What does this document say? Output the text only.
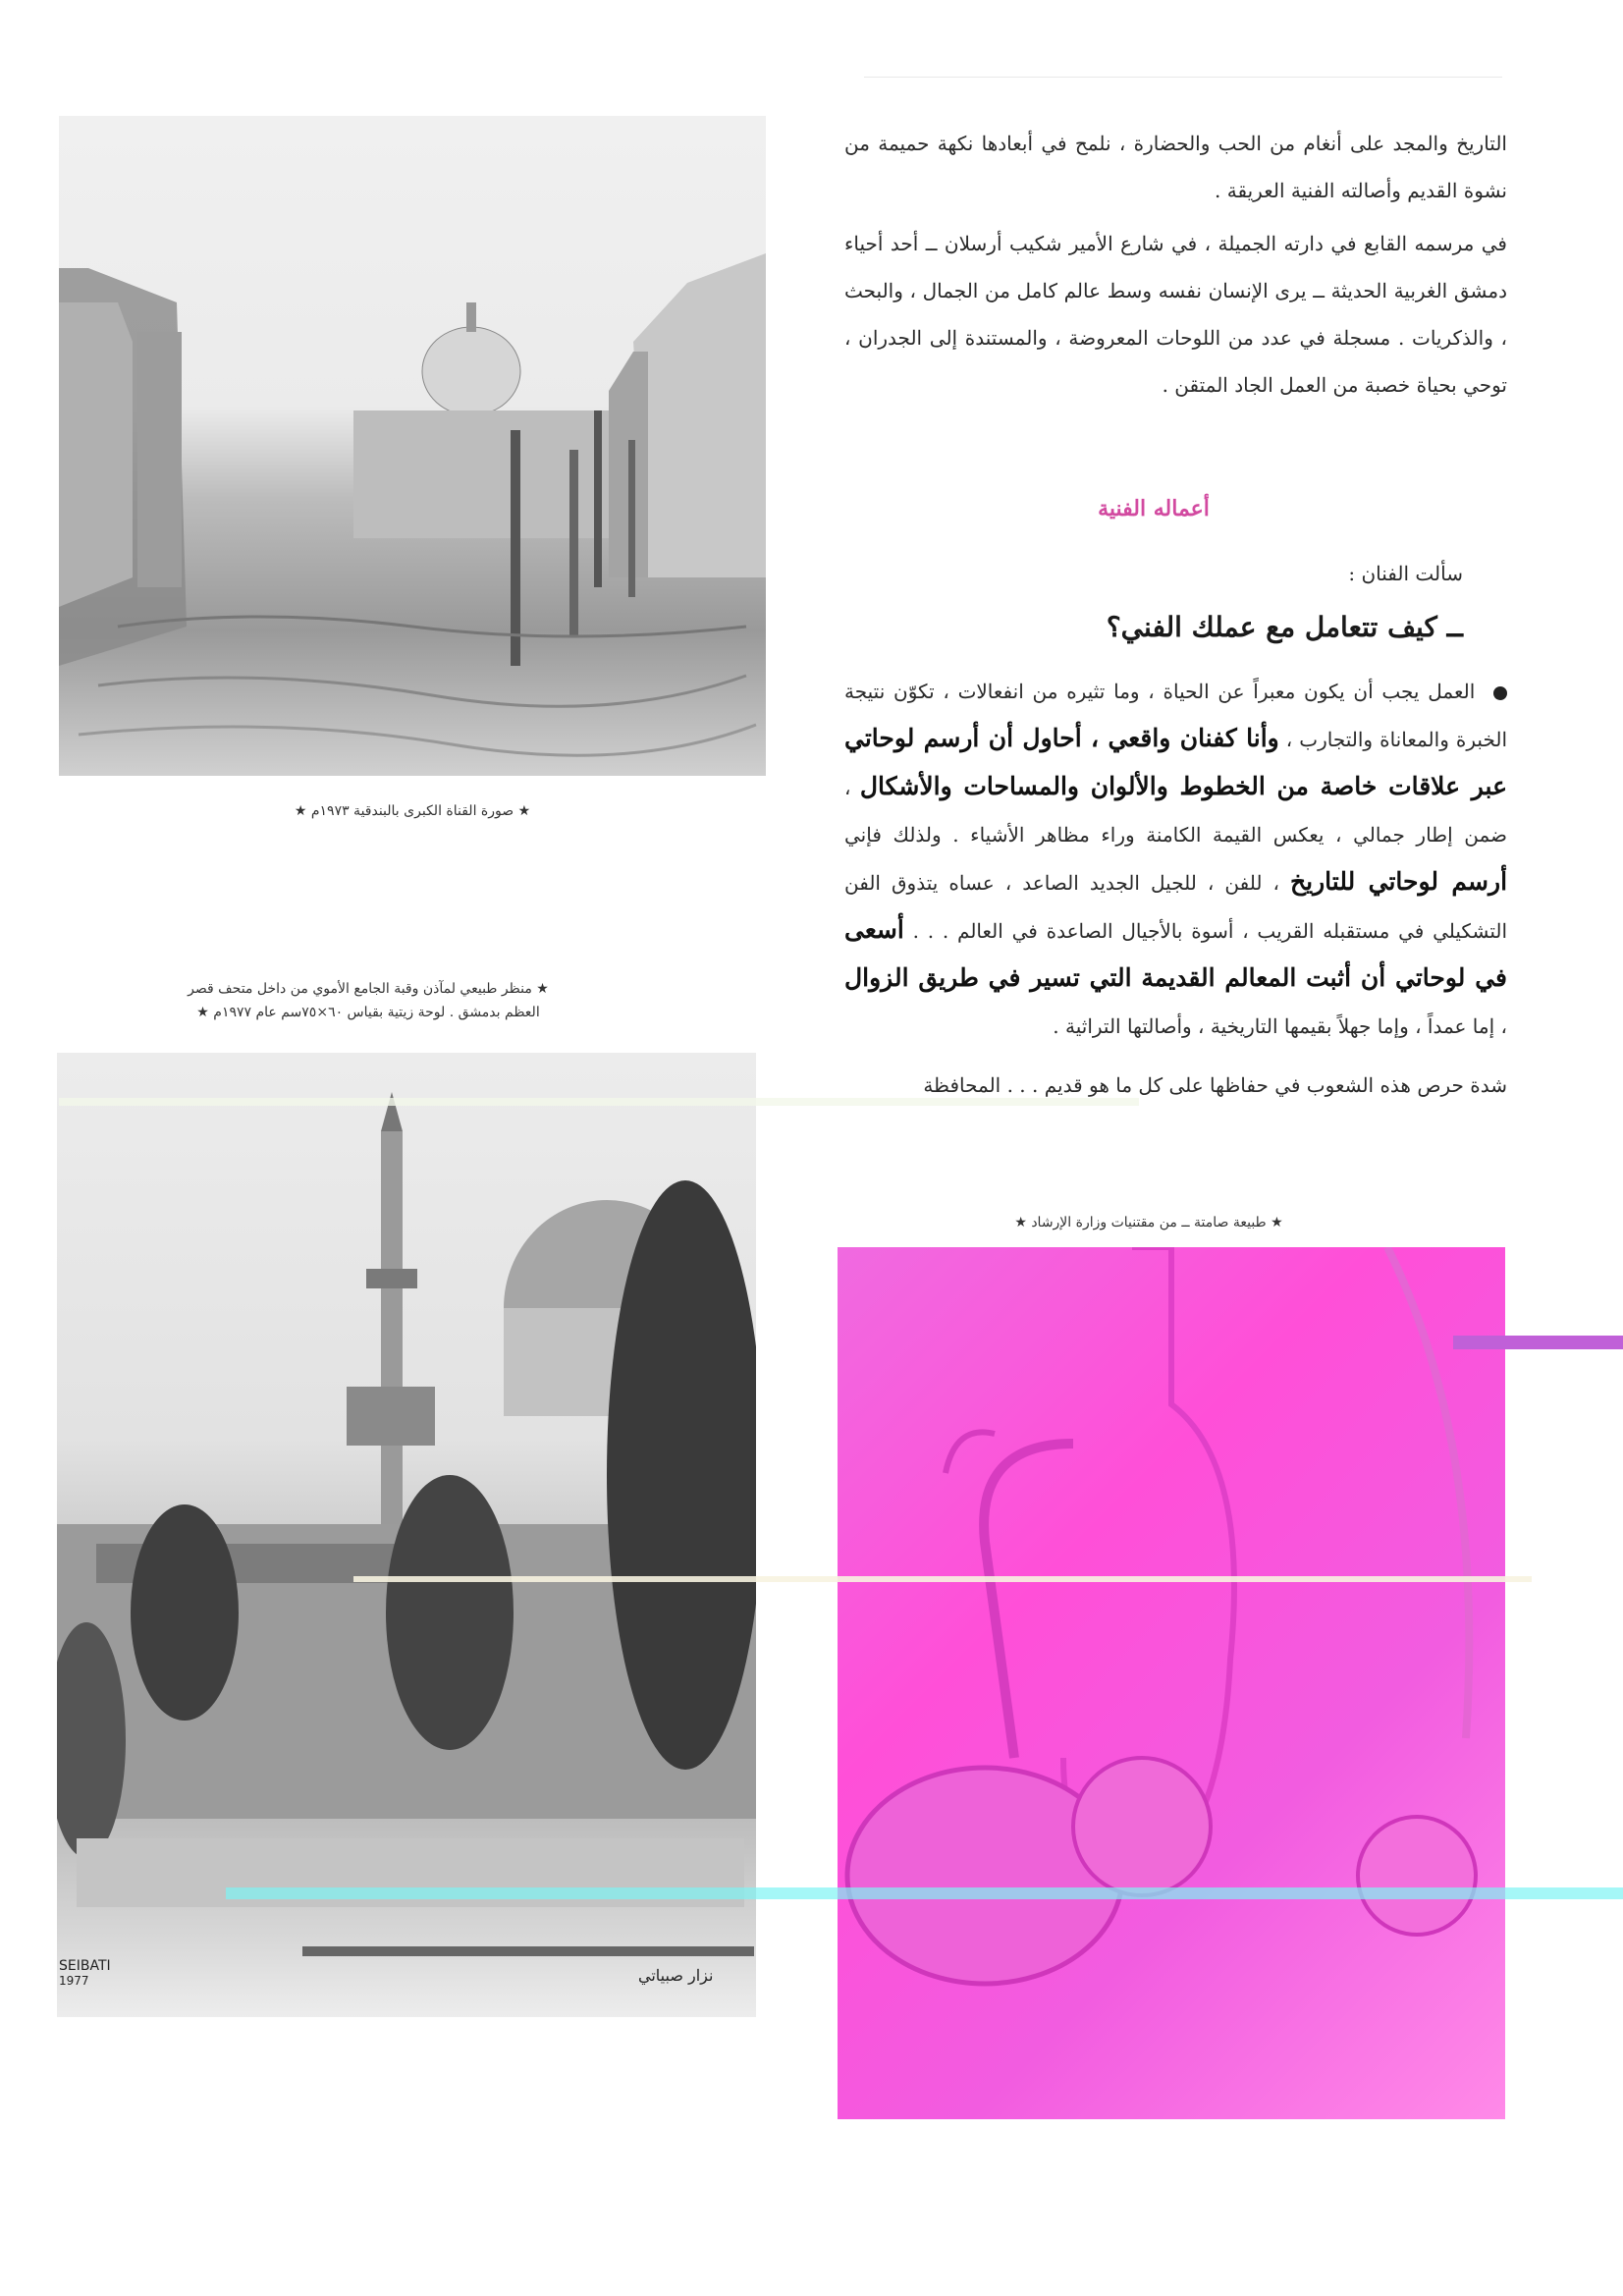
التاريخ والمجد على أنغام من الحب والحضارة ، نلمح في أبعادها نكهة حميمة من نشوة القديم وأصالته الفنية العريقة .

في مرسمه القابع في دارته الجميلة ، في شارع الأمير شكيب أرسلان ــ أحد أحياء دمشق الغربية الحديثة ــ يرى الإنسان نفسه وسط عالم كامل من الجمال ، والبحث ، والذكريات . مسجلة في عدد من اللوحات المعروضة ، والمستندة إلى الجدران ، توحي بحياة خصبة من العمل الجاد المتقن .

أعماله الفنية
سألت الفنان :
ــ كيف تتعامل مع عملك الفني؟

العمل يجب أن يكون معبراً عن الحياة ، وما تثيره من انفعالات ، تكوّن نتيجة الخبرة والمعاناة والتجارب ، وأنا كفنان واقعي ، أحاول أن أرسم لوحاتي عبر علاقات خاصة من الخطوط والألوان والمساحات والأشكال ، ضمن إطار جمالي ، يعكس القيمة الكامنة وراء مظاهر الأشياء . ولذلك فإني أرسم لوحاتي للتاريخ ، للفن ، للجيل الجديد الصاعد ، عساه يتذوق الفن التشكيلي في مستقبله القريب ، أسوة بالأجيال الصاعدة في العالم . . . أسعى في لوحاتي أن أثبت المعالم القديمة التي تسير في طريق الزوال ، إما عمداً ، وإما جهلاً بقيمها التاريخية ، وأصالتها التراثية .

شدة حرص هذه الشعوب في حفاظها على كل ما هو قديم . . . المحافظة

★ صورة القناة الكبرى بالبندقية ١٩٧٣م ★
★ منظر طبيعي لمآذن وقبة الجامع الأموي من داخل متحف قصر
العظم بدمشق . لوحة زيتية بقياس ٦٠×٧٥سم عام ١٩٧٧م ★
SEIBATI
1977	نزار صبياتي
★ طبيعة صامتة ــ من مقتنيات وزارة الإرشاد ★
